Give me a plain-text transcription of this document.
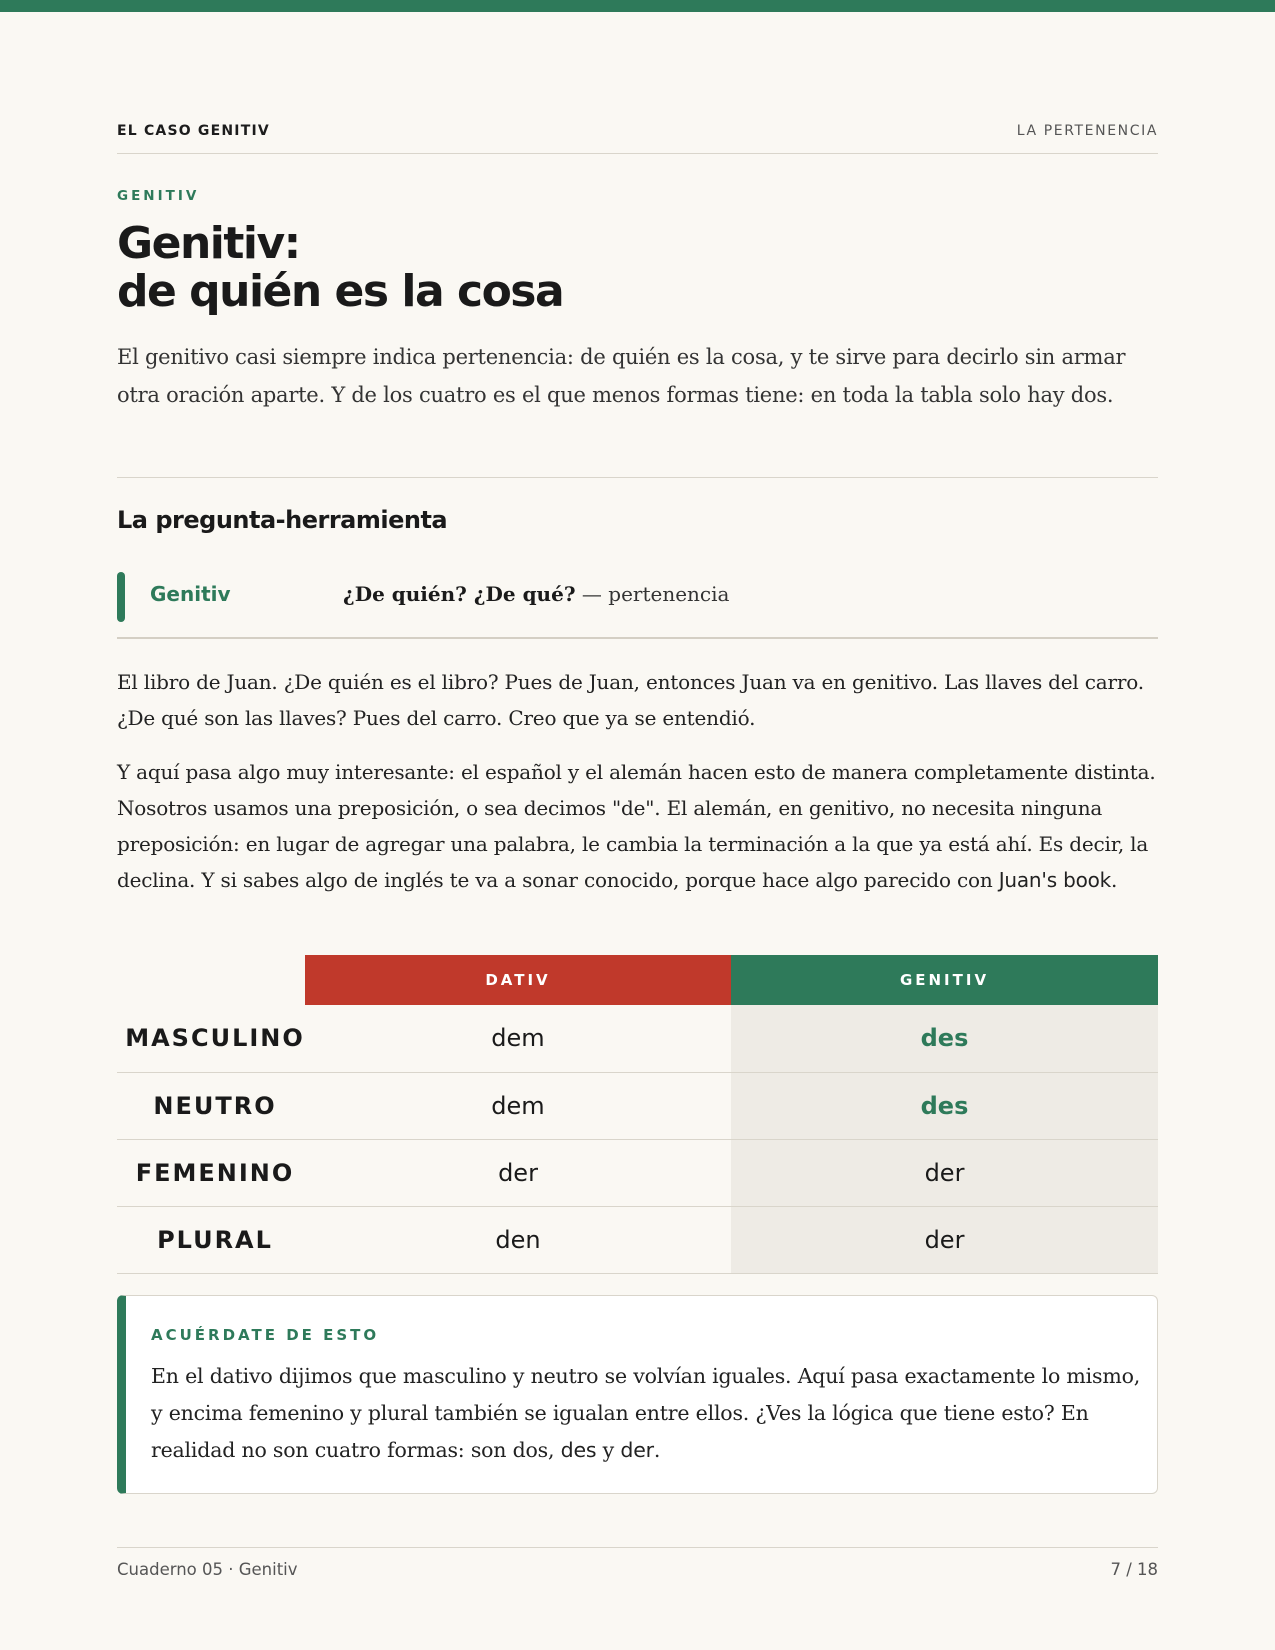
EL CASO GENITIV	LA PERTENENCIA
GENITIV
Genitiv:
de quién es la cosa

El genitivo casi siempre indica pertenencia: de quién es la cosa, y te sirve para decirlo sin armar otra oración aparte. Y de los cuatro es el que menos formas tiene: en toda la tabla solo hay dos.

La pregunta-herramienta
Genitiv	¿De quién? ¿De qué? — pertenencia

El libro de Juan. ¿De quién es el libro? Pues de Juan, entonces Juan va en genitivo. Las llaves del carro. ¿De qué son las llaves? Pues del carro. Creo que ya se entendió.

Y aquí pasa algo muy interesante: el español y el alemán hacen esto de manera completamente distinta. Nosotros usamos una preposición, o sea decimos "de". El alemán, en genitivo, no necesita ninguna preposición: en lugar de agregar una palabra, le cambia la terminación a la que ya está ahí. Es decir, la declina. Y si sabes algo de inglés te va a sonar conocido, porque hace algo parecido con Juan's book.

	DATIV	GENITIV
MASCULINO	dem	des
NEUTRO	dem	des
FEMENINO	der	der
PLURAL	den	der
ACUÉRDATE DE ESTO

En el dativo dijimos que masculino y neutro se volvían iguales. Aquí pasa exactamente lo mismo, y encima femenino y plural también se igualan entre ellos. ¿Ves la lógica que tiene esto? En realidad no son cuatro formas: son dos, des y der.

Cuaderno 05 · Genitiv	7 / 18
